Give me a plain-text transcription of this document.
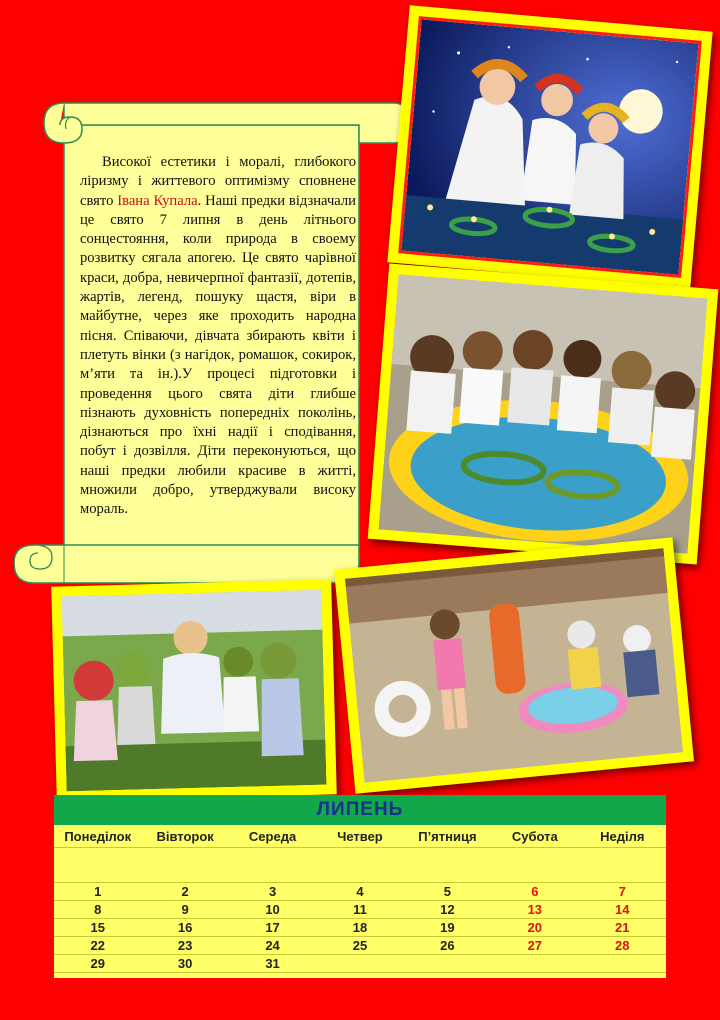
Високої естетики і моралі, глибокого ліризму і життевого оптимізму сповнене свято Івана Купала. Наші предки відзначали це свято 7 липня в день літнього сонцестояння, коли природа в своему розвитку сягала апогею. Це свято чарівної краси, добра, невичерпної фантазії, дотепів, жартів, легенд, пошуку щастя, віри в майбутне, через яке проходить народна пісня. Співаючи, дівчата збирають квіти і плетуть вінки (з нагідок, ромашок, сокирок, м’яти та ін.).У процесі підготовки і проведення цього свята діти глибше пізнають духовність попередніх поколінь, дізнаються про їхні надії і сподівання, побут і дозвілля. Діти переконуються, що наші предки любили красиве в житті, множили добро, утверджували високу мораль.

ЛИПЕНЬ
Понеділок	Вівторок	Середа	Четвер	П’ятниця	Субота	Неділя

1	2	3	4	5	6	7
8	9	10	11	12	13	14
15	16	17	18	19	20	21
22	23	24	25	26	27	28
29	30	31				
